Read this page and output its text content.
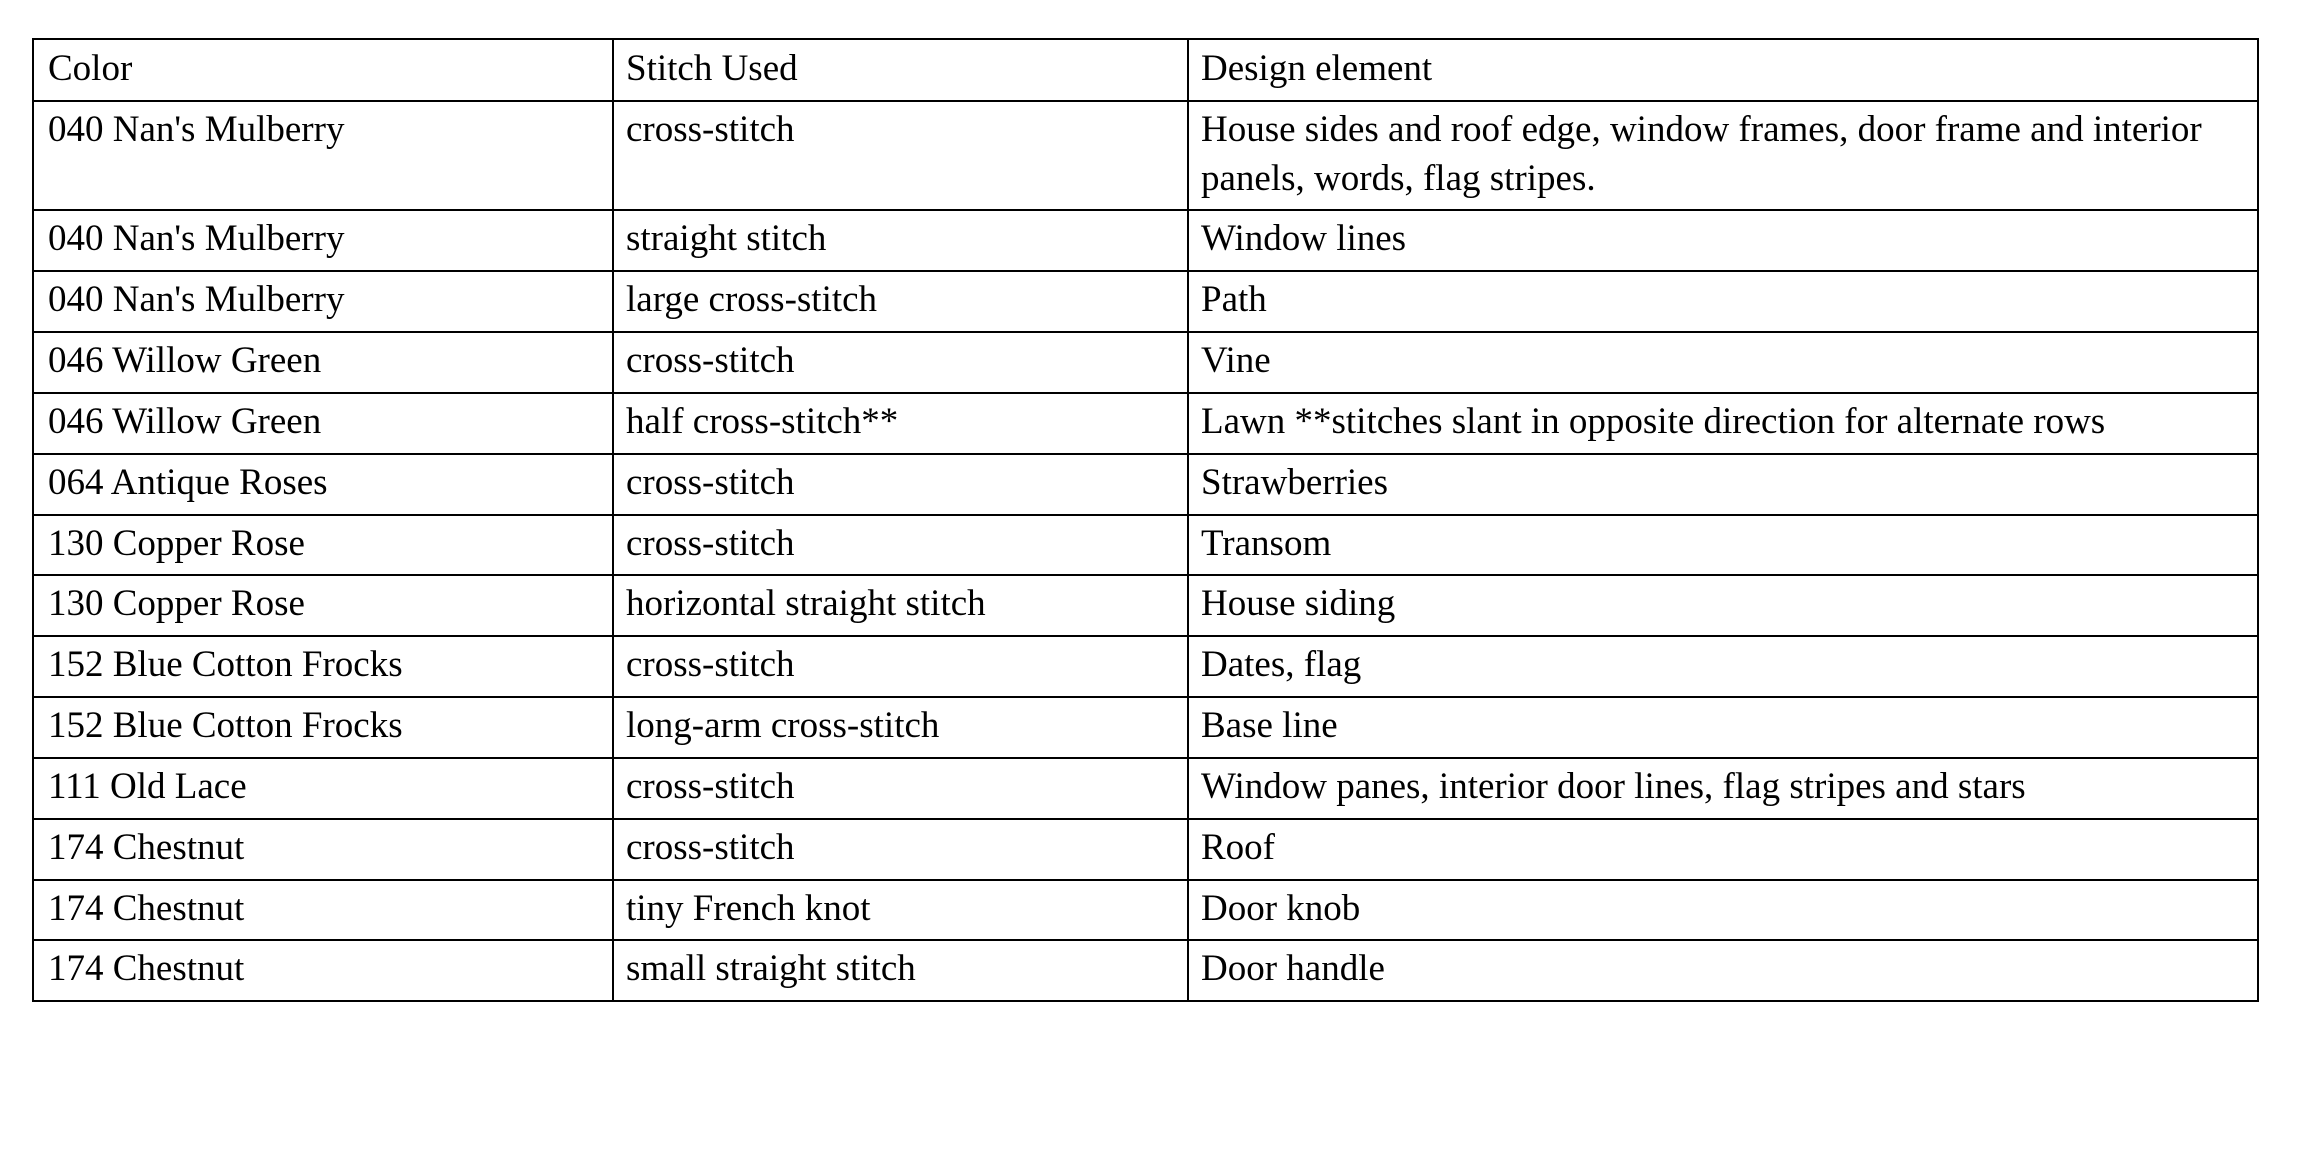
Color	Stitch Used	Design element
040 Nan's Mulberry	cross-stitch	House sides and roof edge, window frames, door frame and interior panels, words, flag stripes.
040 Nan's Mulberry	straight stitch	Window lines
040 Nan's Mulberry	large cross-stitch	Path
046 Willow Green	cross-stitch	Vine
046 Willow Green	half cross-stitch**	Lawn **stitches slant in opposite direction for alternate rows
064 Antique Roses	cross-stitch	Strawberries
130 Copper Rose	cross-stitch	Transom
130 Copper Rose	horizontal straight stitch	House siding
152 Blue Cotton Frocks	cross-stitch	Dates, flag
152 Blue Cotton Frocks	long-arm cross-stitch	Base line
111 Old Lace	cross-stitch	Window panes, interior door lines, flag stripes and stars
174 Chestnut	cross-stitch	Roof
174 Chestnut	tiny French knot	Door knob
174 Chestnut	small straight stitch	Door handle
